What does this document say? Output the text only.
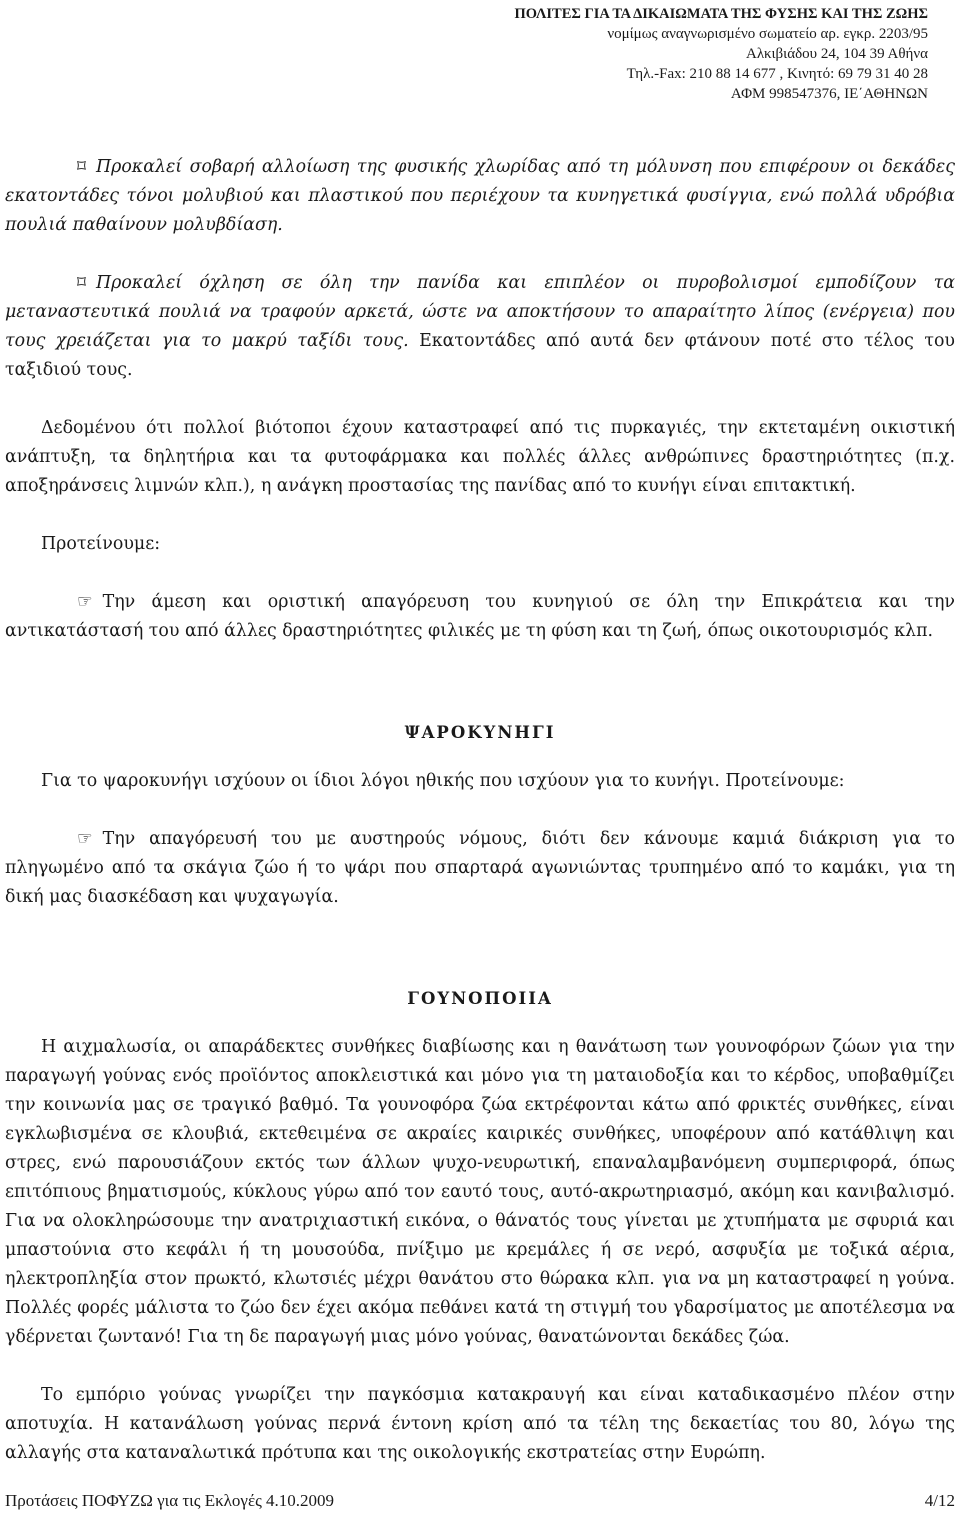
ΠΟΛΙΤΕΣ ΓΙΑ ΤΑ ΔΙΚΑΙΩΜΑΤΑ ΤΗΣ ΦΥΣΗΣ ΚΑΙ ΤΗΣ ΖΩΗΣ
νομίμως αναγνωρισμένο σωματείο αρ. εγκρ. 2203/95
Αλκιβιάδου 24, 104 39 Αθήνα
Τηλ.-Fax: 210 88 14 677 , Κινητό: 69 79 31 40 28
ΑΦΜ 998547376, ΙΕ΄ΑΘΗΝΩΝ

⌑ Προκαλεί σοβαρή αλλοίωση της φυσικής χλωρίδας από τη μόλυνση που επιφέρουν οι δεκάδες εκατοντάδες τόνοι μολυβιού και πλαστικού που περιέχουν τα κυνηγετικά φυσίγγια, ενώ πολλά υδρόβια πουλιά παθαίνουν μολυβδίαση.

⌑ Προκαλεί όχληση σε όλη την πανίδα και επιπλέον οι πυροβολισμοί εμποδίζουν τα μεταναστευτικά πουλιά να τραφούν αρκετά, ώστε να αποκτήσουν το απαραίτητο λίπος (ενέργεια) που τους χρειάζεται για το μακρύ ταξίδι τους. Εκατοντάδες από αυτά δεν φτάνουν ποτέ στο τέλος του ταξιδιού τους.

Δεδομένου ότι πολλοί βιότοποι έχουν καταστραφεί από τις πυρκαγιές, την εκτεταμένη οικιστική ανάπτυξη, τα δηλητήρια και τα φυτοφάρμακα και πολλές άλλες ανθρώπινες δραστηριότητες (π.χ. αποξηράνσεις λιμνών κλπ.), η ανάγκη προστασίας της πανίδας από το κυνήγι είναι επιτακτική.

Προτείνουμε:

☞ Την άμεση και οριστική απαγόρευση του κυνηγιού σε όλη την Επικράτεια και την αντικατάστασή του από άλλες δραστηριότητες φιλικές με τη φύση και τη ζωή, όπως οικοτουρισμός κλπ.

ΨΑΡΟΚΥΝΗΓΙ

Για το ψαροκυνήγι ισχύουν οι ίδιοι λόγοι ηθικής που ισχύουν για το κυνήγι. Προτείνουμε:

☞ Την απαγόρευσή του με αυστηρούς νόμους, διότι δεν κάνουμε καμιά διάκριση για το πληγωμένο από τα σκάγια ζώο ή το ψάρι που σπαρταρά αγωνιώντας τρυπημένο από το καμάκι, για τη δική μας διασκέδαση και ψυχαγωγία.

ΓΟΥΝΟΠΟΙΙΑ

Η αιχμαλωσία, οι απαράδεκτες συνθήκες διαβίωσης και η θανάτωση των γουνοφόρων ζώων για την παραγωγή γούνας ενός προϊόντος αποκλειστικά και μόνο για τη ματαιοδοξία και το κέρδος, υποβαθμίζει την κοινωνία μας σε τραγικό βαθμό. Τα γουνοφόρα ζώα εκτρέφονται κάτω από φρικτές συνθήκες, είναι εγκλωβισμένα σε κλουβιά, εκτεθειμένα σε ακραίες καιρικές συνθήκες, υποφέρουν από κατάθλιψη και στρες, ενώ παρουσιάζουν εκτός των άλλων ψυχο-νευρωτική, επαναλαμβανόμενη συμπεριφορά, όπως επιτόπιους βηματισμούς, κύκλους γύρω από τον εαυτό τους, αυτό-ακρωτηριασμό, ακόμη και κανιβαλισμό. Για να ολοκληρώσουμε την ανατριχιαστική εικόνα, ο θάνατός τους γίνεται με χτυπήματα με σφυριά και μπαστούνια στο κεφάλι ή τη μουσούδα, πνίξιμο με κρεμάλες ή σε νερό, ασφυξία με τοξικά αέρια, ηλεκτροπληξία στον πρωκτό, κλωτσιές μέχρι θανάτου στο θώρακα κλπ. για να μη καταστραφεί η γούνα. Πολλές φορές μάλιστα το ζώο δεν έχει ακόμα πεθάνει κατά τη στιγμή του γδαρσίματος με αποτέλεσμα να γδέρνεται ζωντανό! Για τη δε παραγωγή μιας μόνο γούνας, θανατώνονται δεκάδες ζώα.

Το εμπόριο γούνας γνωρίζει την παγκόσμια κατακραυγή και είναι καταδικασμένο πλέον στην αποτυχία. Η κατανάλωση γούνας περνά έντονη κρίση από τα τέλη της δεκαετίας του 80, λόγω της αλλαγής στα καταναλωτικά πρότυπα και της οικολογικής εκστρατείας στην Ευρώπη.

Προτάσεις ΠΟΦΥΖΩ για τις Εκλογές 4.10.2009	4/12
